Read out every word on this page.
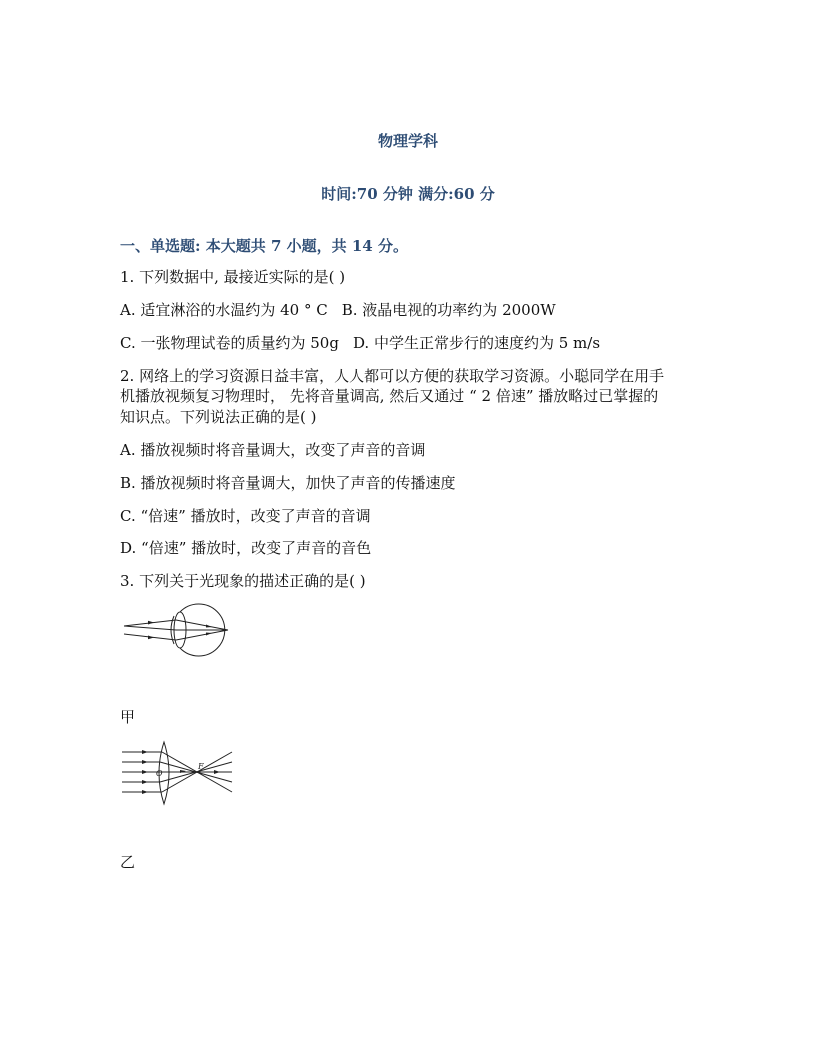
物理学科
时间:70 分钟 满分:60 分
一、单选题: 本大题共 7 小题，共 14 分。
1. 下列数据中, 最接近实际的是( )
A. 适宜淋浴的水温约为 40 ° C B. 液晶电视的功率约为 2000W
C. 一张物理试卷的质量约为 50g D. 中学生正常步行的速度约为 5 m/s
2. 网络上的学习资源日益丰富，人人都可以方便的获取学习资源。小聪同学在用手
机播放视频复习物理时， 先将音量调高, 然后又通过 “ 2 倍速” 播放略过已掌握的
知识点。下列说法正确的是( )
A. 播放视频时将音量调大，改变了声音的音调
B. 播放视频时将音量调大，加快了声音的传播速度
C. “倍速” 播放时，改变了声音的音调
D. “倍速” 播放时，改变了声音的音色
3. 下列关于光现象的描述正确的是( )
甲
O
F
乙
